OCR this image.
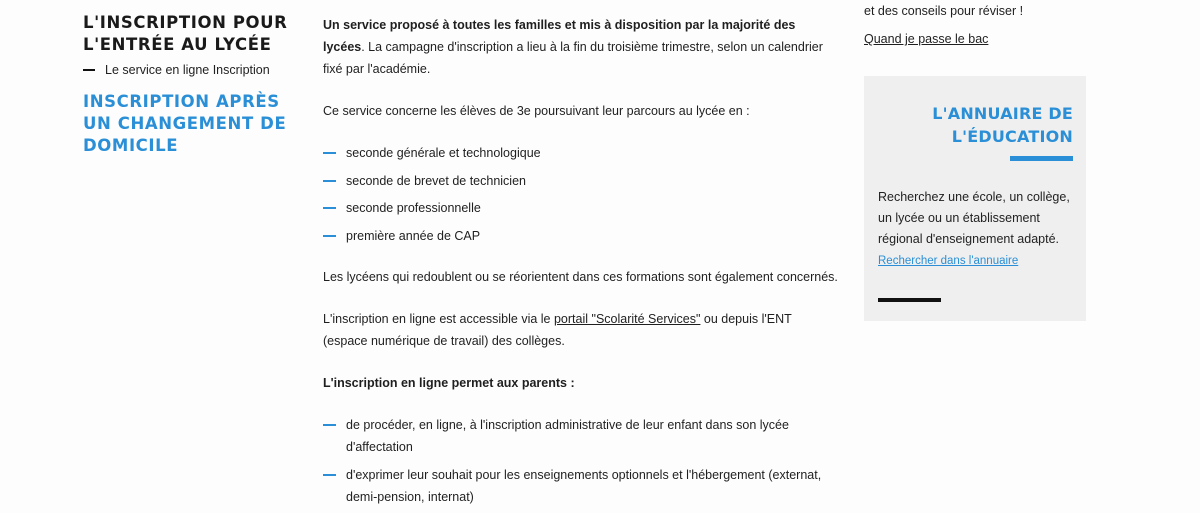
L'INSCRIPTION POUR L'ENTRÉE AU LYCÉE
Le service en ligne Inscription
INSCRIPTION APRÈS UN CHANGEMENT DE DOMICILE

Un service proposé à toutes les familles et mis à disposition par la majorité des lycées. La campagne d'inscription a lieu à la fin du troisième trimestre, selon un calendrier fixé par l'académie.

Ce service concerne les élèves de 3e poursuivant leur parcours au lycée en :

seconde générale et technologique
seconde de brevet de technicien
seconde professionnelle
première année de CAP

Les lycéens qui redoublent ou se réorientent dans ces formations sont également concernés.

L'inscription en ligne est accessible via le portail "Scolarité Services" ou depuis l'ENT (espace numérique de travail) des collèges.

L'inscription en ligne permet aux parents :

de procéder, en ligne, à l'inscription administrative de leur enfant dans son lycée d'affectation
d'exprimer leur souhait pour les enseignements optionnels et l'hébergement (externat, demi-pension, internat)
et des conseils pour réviser !
Quand je passe le bac
L'ANNUAIRE DE
L'ÉDUCATION
Recherchez une école, un collège, un lycée ou un établissement régional d'enseignement adapté.
Rechercher dans l'annuaire
